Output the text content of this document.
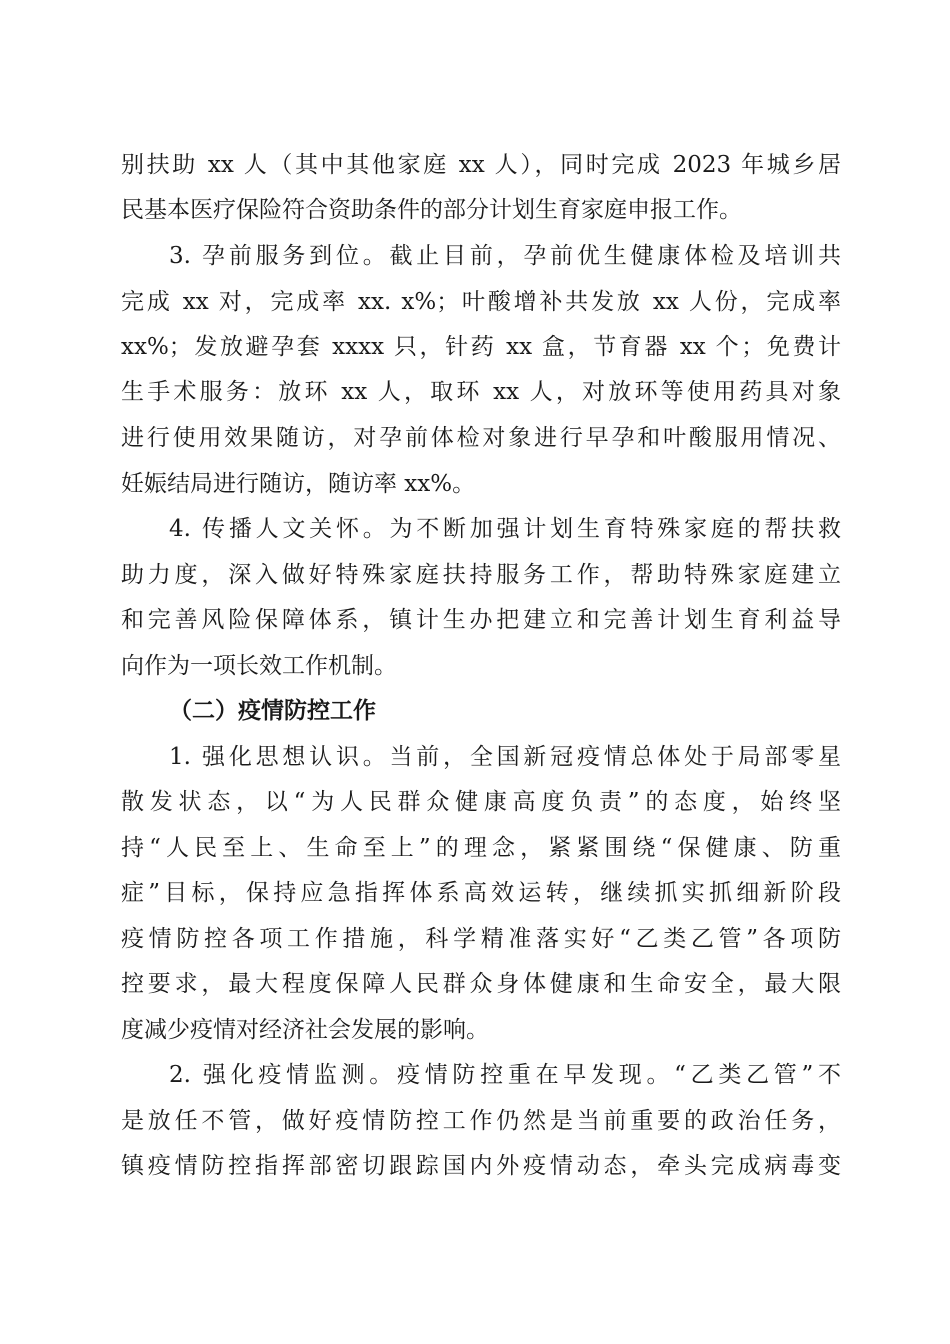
别扶助 xx 人（其中其他家庭 xx 人），同时完成 2023 年城乡居
民基本医疗保险符合资助条件的部分计划生育家庭申报工作。
3. 孕前服务到位。截止目前，孕前优生健康体检及培训共
完成 xx 对，完成率 xx. x%；叶酸增补共发放 xx 人份，完成率
xx%；发放避孕套 xxxx 只，针药 xx 盒，节育器 xx 个；免费计
生手术服务：放环 xx 人，取环 xx 人，对放环等使用药具对象
进行使用效果随访，对孕前体检对象进行早孕和叶酸服用情况、
妊娠结局进行随访，随访率 xx%。
4. 传播人文关怀。为不断加强计划生育特殊家庭的帮扶救
助力度，深入做好特殊家庭扶持服务工作，帮助特殊家庭建立
和完善风险保障体系，镇计生办把建立和完善计划生育利益导
向作为一项长效工作机制。
（二）疫情防控工作
1. 强化思想认识。当前，全国新冠疫情总体处于局部零星
散发状态，以“为人民群众健康高度负责”的态度，始终坚
持“人民至上、生命至上”的理念，紧紧围绕“保健康、防重
症”目标，保持应急指挥体系高效运转，继续抓实抓细新阶段
疫情防控各项工作措施，科学精准落实好“乙类乙管”各项防
控要求，最大程度保障人民群众身体健康和生命安全，最大限
度减少疫情对经济社会发展的影响。
2. 强化疫情监测。疫情防控重在早发现。“乙类乙管”不
是放任不管，做好疫情防控工作仍然是当前重要的政治任务，
镇疫情防控指挥部密切跟踪国内外疫情动态，牵头完成病毒变
